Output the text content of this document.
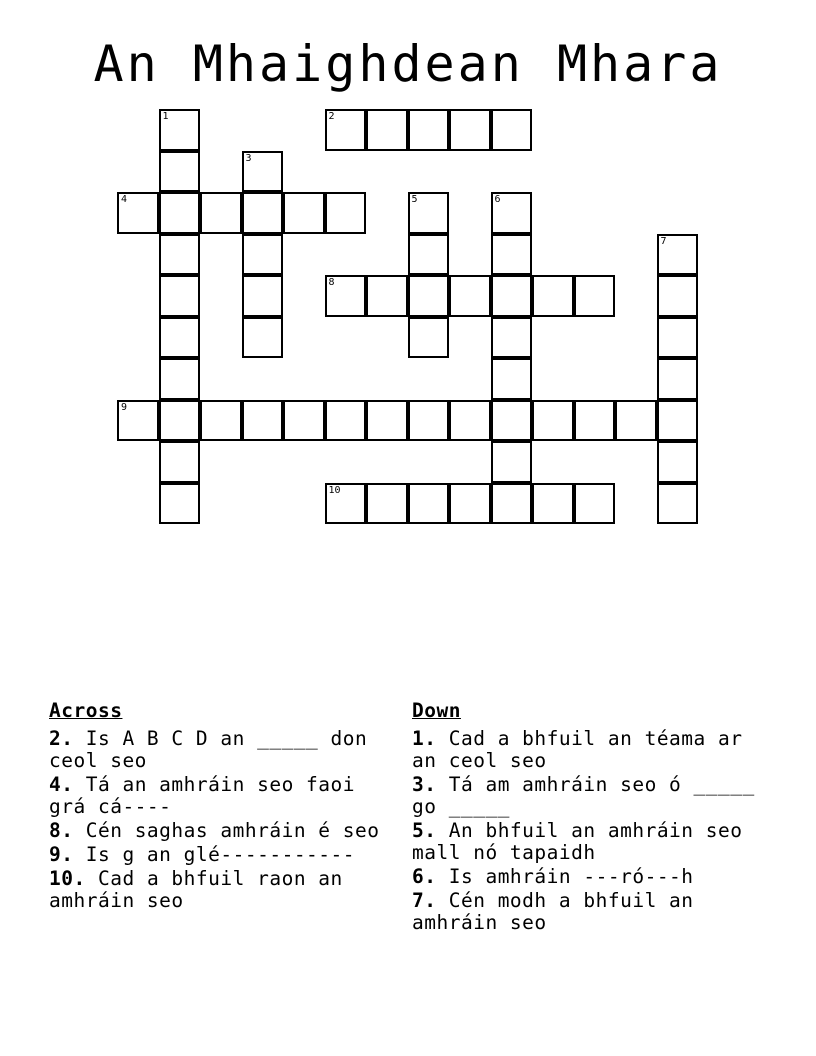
An Mhaighdean Mhara
1	2
3
4	5	6
7
8
9
10
Across
2. Is A B C D an _____ don ceol seo
4. Tá an amhráin seo faoi grá cá----
8. Cén saghas amhráin é seo
9. Is g an glé-----------
10. Cad a bhfuil raon an amhráin seo
Down
1. Cad a bhfuil an téama ar an ceol seo
3. Tá am amhráin seo ó _____ go _____
5. An bhfuil an amhráin seo mall nó tapaidh
6. Is amhráin ---ró---h
7. Cén modh a bhfuil an amhráin seo
